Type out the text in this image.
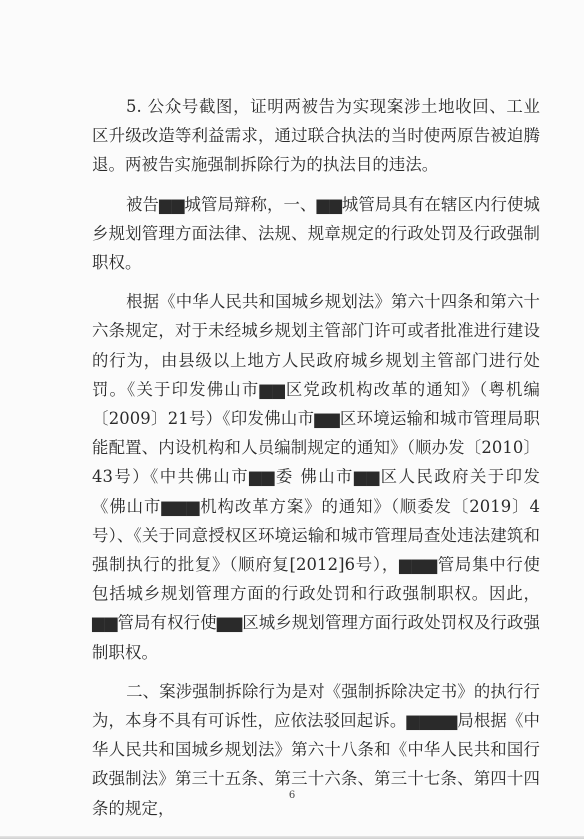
5. 公众号截图，证明两被告为实现案涉土地收回、工业区升级改造等利益需求，通过联合执法的当时使两原告被迫腾退。两被告实施强制拆除行为的执法目的违法。

被告▆▆城管局辩称，一、▆▆城管局具有在辖区内行使城乡规划管理方面法律、法规、规章规定的行政处罚及行政强制职权。

根据《中华人民共和国城乡规划法》第六十四条和第六十六条规定，对于未经城乡规划主管部门许可或者批准进行建设的行为，由县级以上地方人民政府城乡规划主管部门进行处罚。《关于印发佛山市▆▆区党政机构改革的通知》（粤机编〔2009〕21号）《印发佛山市▆▆区环境运输和城市管理局职能配置、内设机构和人员编制规定的通知》（顺办发〔2010〕43号）《中共佛山市▆▆委 佛山市▆▆区人民政府关于印发《佛山市▆▆▆机构改革方案》的通知》（顺委发〔2019〕4号）、《关于同意授权区环境运输和城市管理局查处违法建筑和强制执行的批复》（顺府复[2012]6号），▆▆▆管局集中行使包括城乡规划管理方面的行政处罚和行政强制职权。因此，▆▆管局有权行使▆▆区城乡规划管理方面行政处罚权及行政强制职权。

二、案涉强制拆除行为是对《强制拆除决定书》的执行行为，本身不具有可诉性，应依法驳回起诉。▆▆▆▆局根据《中华人民共和国城乡规划法》第六十八条和《中华人民共和国行政强制法》第三十五条、第三十六条、第三十七条、第四十四条的规定，

6
